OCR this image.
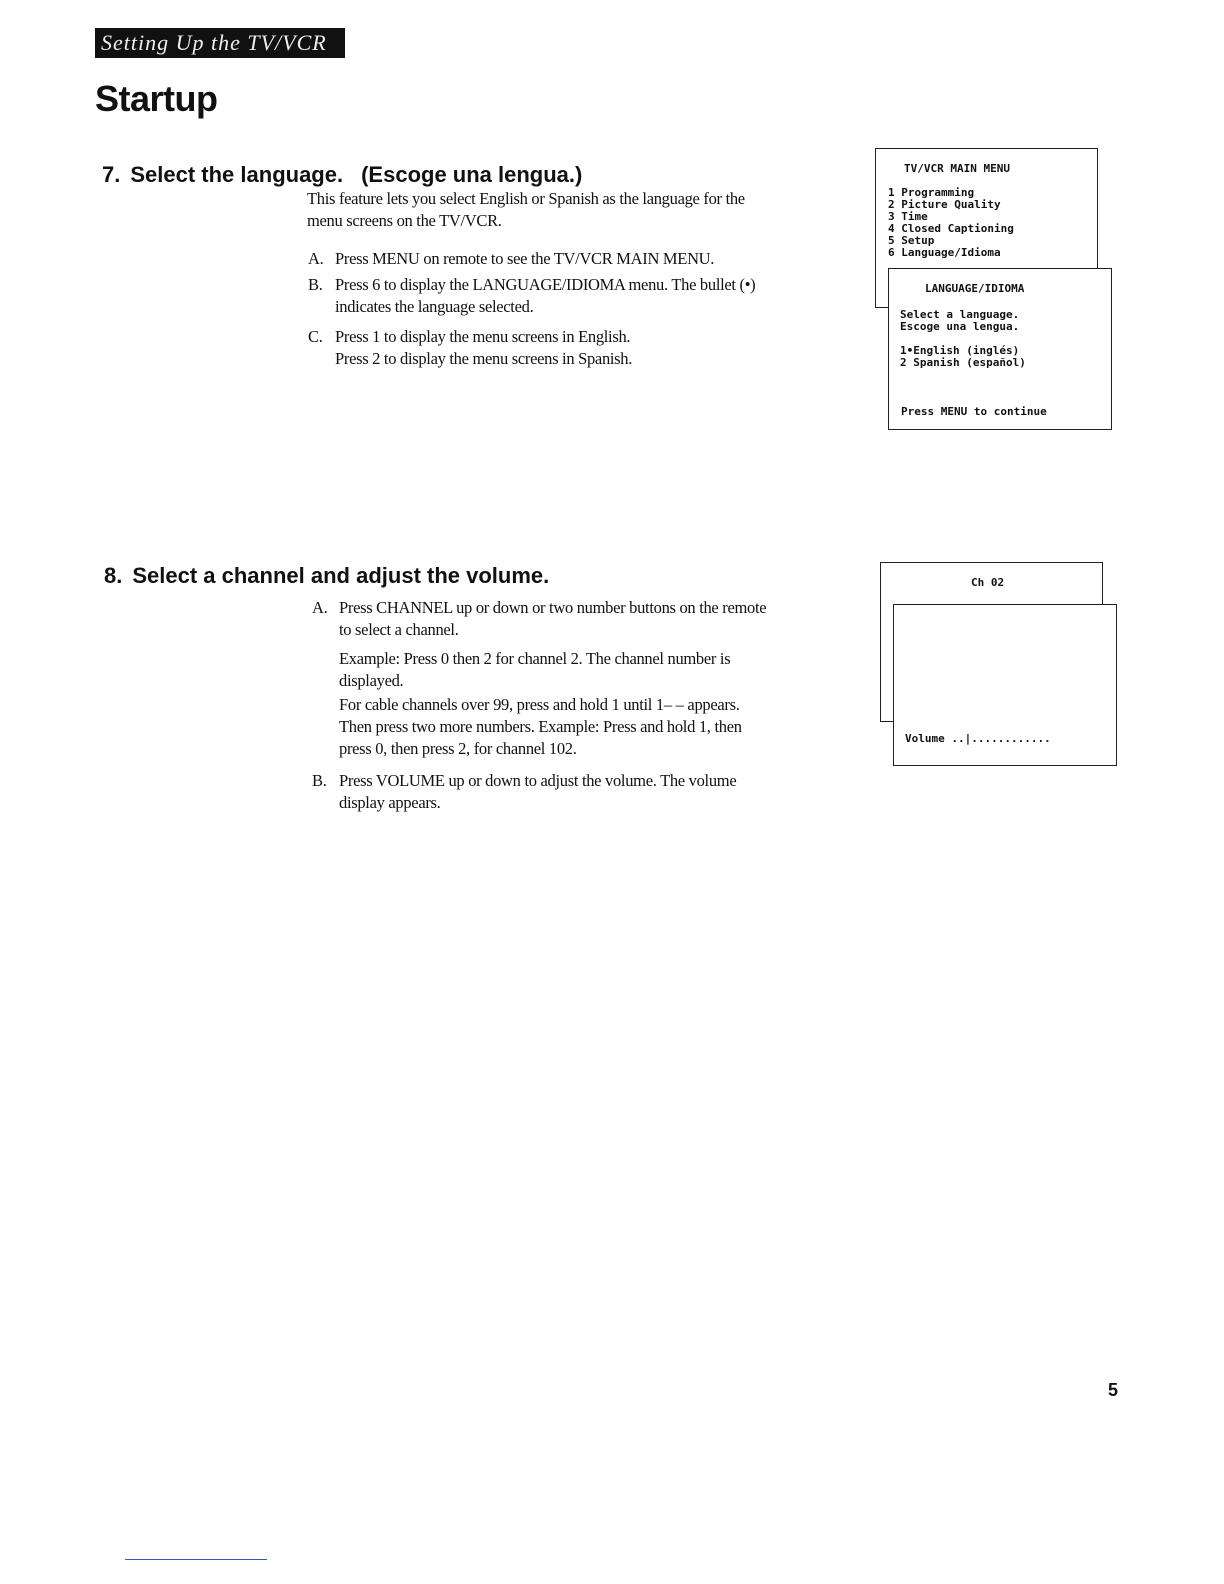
Setting Up the TV/VCR
Startup
7. Select the language. (Escoge una lengua.)
This feature lets you select English or Spanish as the language for the
menu screens on the TV/VCR.
A. Press MENU on remote to see the TV/VCR MAIN MENU.
B. Press 6 to display the LANGUAGE/IDIOMA menu. The bullet (•)
indicates the language selected.
C. Press 1 to display the menu screens in English.
Press 2 to display the menu screens in Spanish.
TV/VCR MAIN MENU
1 Programming
2 Picture Quality
3 Time
4 Closed Captioning
5 Setup
6 Language/Idioma
LANGUAGE/IDIOMA
Select a language.
Escoge una lengua.
1•English (inglés)
2 Spanish (español)
Press MENU to continue
8. Select a channel and adjust the volume.
A. Press CHANNEL up or down or two number buttons on the remote
to select a channel.
Example: Press 0 then 2 for channel 2. The channel number is
displayed.
For cable channels over 99, press and hold 1 until 1– – appears.
Then press two more numbers. Example: Press and hold 1, then
press 0, then press 2, for channel 102.
B. Press VOLUME up or down to adjust the volume. The volume
display appears.
Ch 02
Volume ..|............
5
